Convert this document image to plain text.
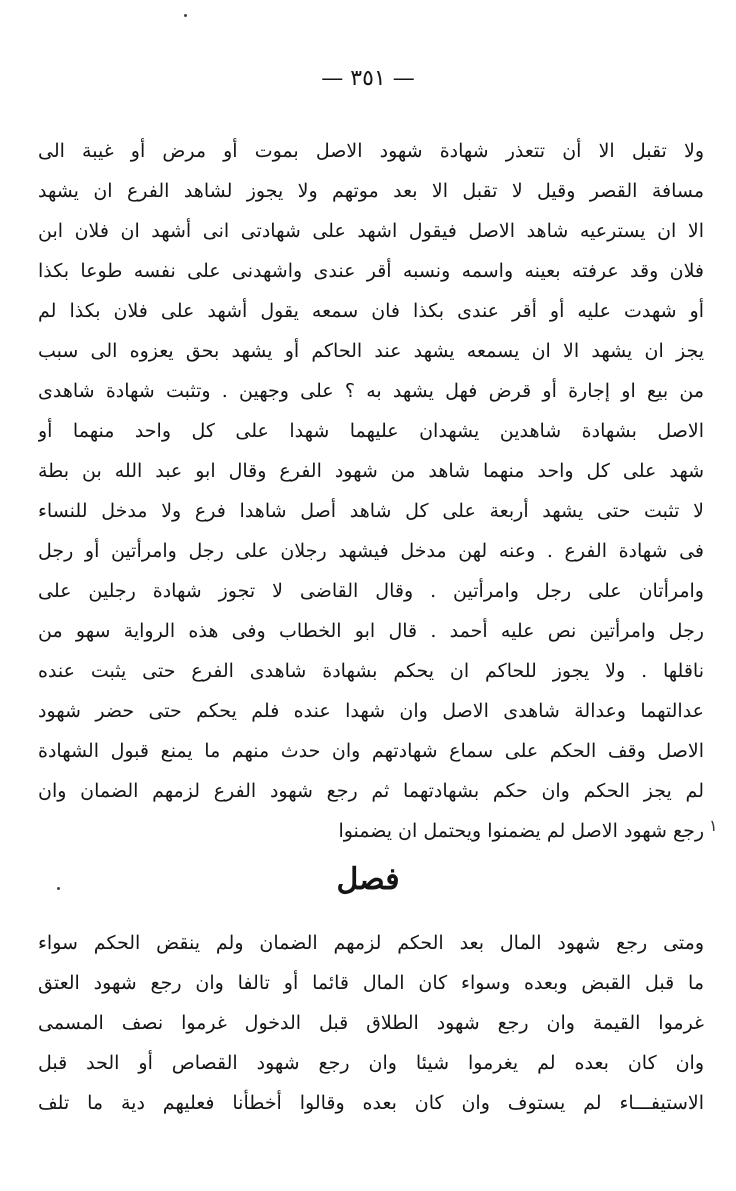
— ٣٥١ —
ولا تقبل الا أن تتعذر شهادة شهود الاصل بموت أو مرض أو غيبة الى
مسافة القصر وقيل لا تقبل الا بعد موتهم ولا يجوز لشاهد الفرع ان يشهد
الا ان يسترعيه شاهد الاصل فيقول اشهد على شهادتى انى أشهد ان فلان ابن
فلان وقد عرفته بعينه واسمه ونسبه أقر عندى واشهدنى على نفسه طوعا بكذا
أو شهدت عليه أو أقر عندى بكذا فان سمعه يقول أشهد على فلان بكذا لم
يجز ان يشهد الا ان يسمعه يشهد عند الحاكم أو يشهد بحق يعزوه الى سبب
من بيع او إجارة أو قرض فهل يشهد به ؟ على وجهين . وتثبت شهادة شاهدى
الاصل بشهادة شاهدين يشهدان عليهما شهدا على كل واحد منهما أو
شهد على كل واحد منهما شاهد من شهود الفرع وقال ابو عبد الله بن بطة
لا تثبت حتى يشهد أربعة على كل شاهد أصل شاهدا فرع ولا مدخل للنساء
فى شهادة الفرع . وعنه لهن مدخل فيشهد رجلان على رجل وامرأتين أو رجل
وامرأتان على رجل وامرأتين . وقال القاضى لا تجوز شهادة رجلين على
رجل وامرأتين نص عليه أحمد . قال ابو الخطاب وفى هذه الرواية سهو من
ناقلها . ولا يجوز للحاكم ان يحكم بشهادة شاهدى الفرع حتى يثبت عنده
عدالتهما وعدالة شاهدى الاصل وان شهدا عنده فلم يحكم حتى حضر شهود
الاصل وقف الحكم على سماع شهادتهم وان حدث منهم ما يمنع قبول الشهادة
لم يجز الحكم وان حكم بشهادتهما ثم رجع شهود الفرع لزمهم الضمان وان
رجع شهود الاصل لم يضمنوا ويحتمل ان يضمنوا ١
فصل
ومتى رجع شهود المال بعد الحكم لزمهم الضمان ولم ينقض الحكم سواء
ما قبل القبض وبعده وسواء كان المال قائما أو تالفا وان رجع شهود العتق
غرموا القيمة وان رجع شهود الطلاق قبل الدخول غرموا نصف المسمى
وان كان بعده لم يغرموا شيئا وان رجع شهود القصاص أو الحد قبل
الاستيفـــاء لم يستوف وان كان بعده وقالوا أخطأنا فعليهم دية ما تلف
